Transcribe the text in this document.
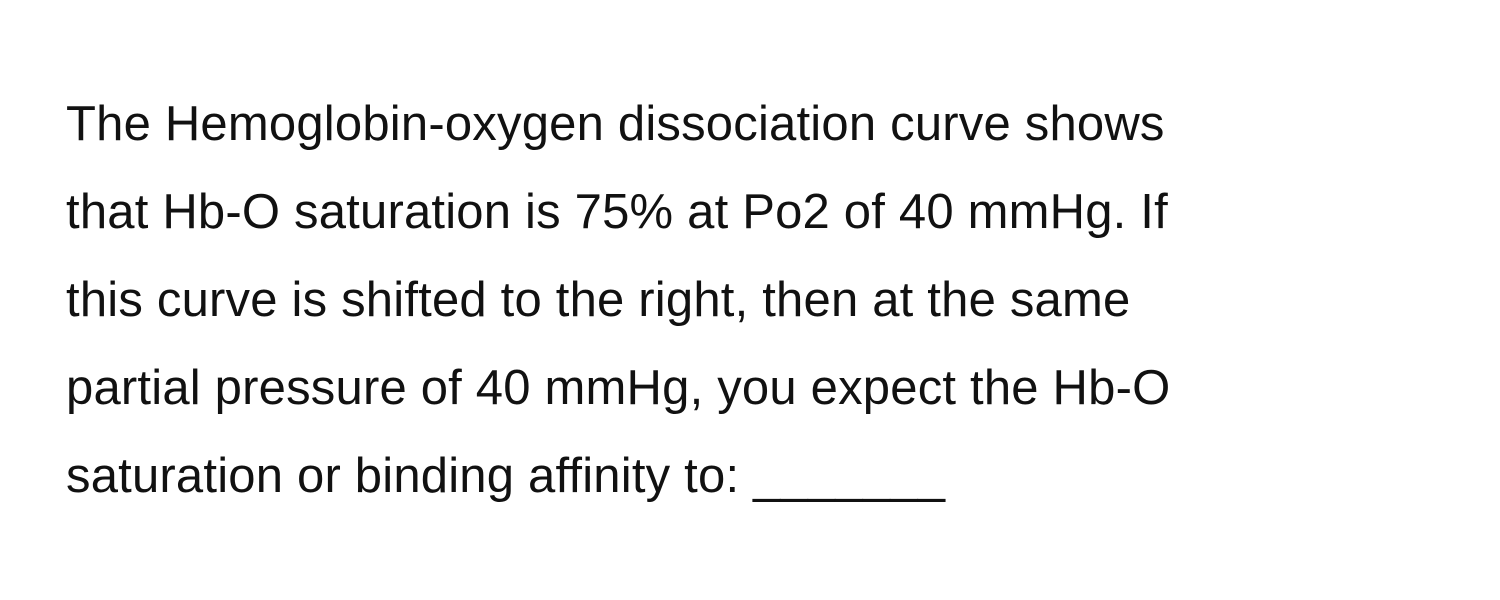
The Hemoglobin-oxygen dissociation curve shows
that Hb-O saturation is 75% at Po2 of 40 mmHg. If
this curve is shifted to the right, then at the same
partial pressure of 40 mmHg, you expect the Hb-O
saturation or binding affinity to: _______
